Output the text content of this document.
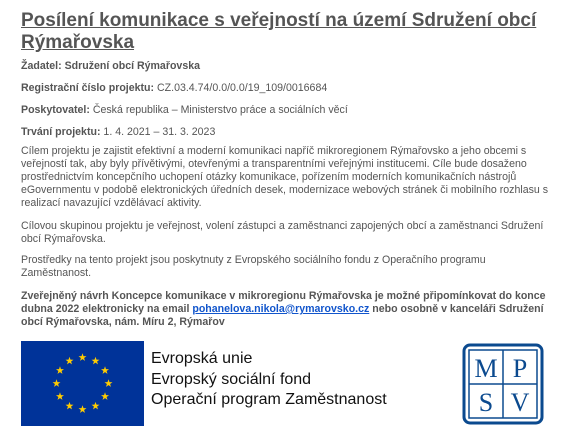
Posílení komunikace s veřejností na území Sdružení obcí Rýmařovska
Žadatel: Sdružení obcí Rýmařovska
Registrační číslo projektu: CZ.03.4.74/0.0/0.0/19_109/0016684
Poskytovatel: Česká republika – Ministerstvo práce a sociálních věcí
Trvání projektu: 1. 4. 2021 – 31. 3. 2023
Cílem projektu je zajistit efektivní a moderní komunikaci napříč mikroregionem Rýmařovsko a jeho obcemi s veřejností tak, aby byly přívětivými, otevřenými a transparentními veřejnými institucemi. Cíle bude dosaženo prostřednictvím koncepčního uchopení otázky komunikace, pořízením moderních komunikačních nástrojů eGovernmentu v podobě elektronických úředních desek, modernizace webových stránek či mobilního rozhlasu s realizací navazující vzdělávací aktivity.
Cílovou skupinou projektu je veřejnost, volení zástupci a zaměstnanci zapojených obcí a zaměstnanci Sdružení obcí Rýmařovska.
Prostředky na tento projekt jsou poskytnuty z Evropského sociálního fondu z Operačního programu Zaměstnanost.
Zveřejněný návrh Koncepce komunikace v mikroregionu Rýmařovska je možné připomínkovat do konce dubna 2022 elektronicky na email pohanelova.nikola@rymarovsko.cz nebo osobně v kanceláři Sdružení obcí Rýmařovska, nám. Míru 2, Rýmařov
Evropská unie
Evropský sociální fond
Operační program Zaměstnanost
M P
S V
